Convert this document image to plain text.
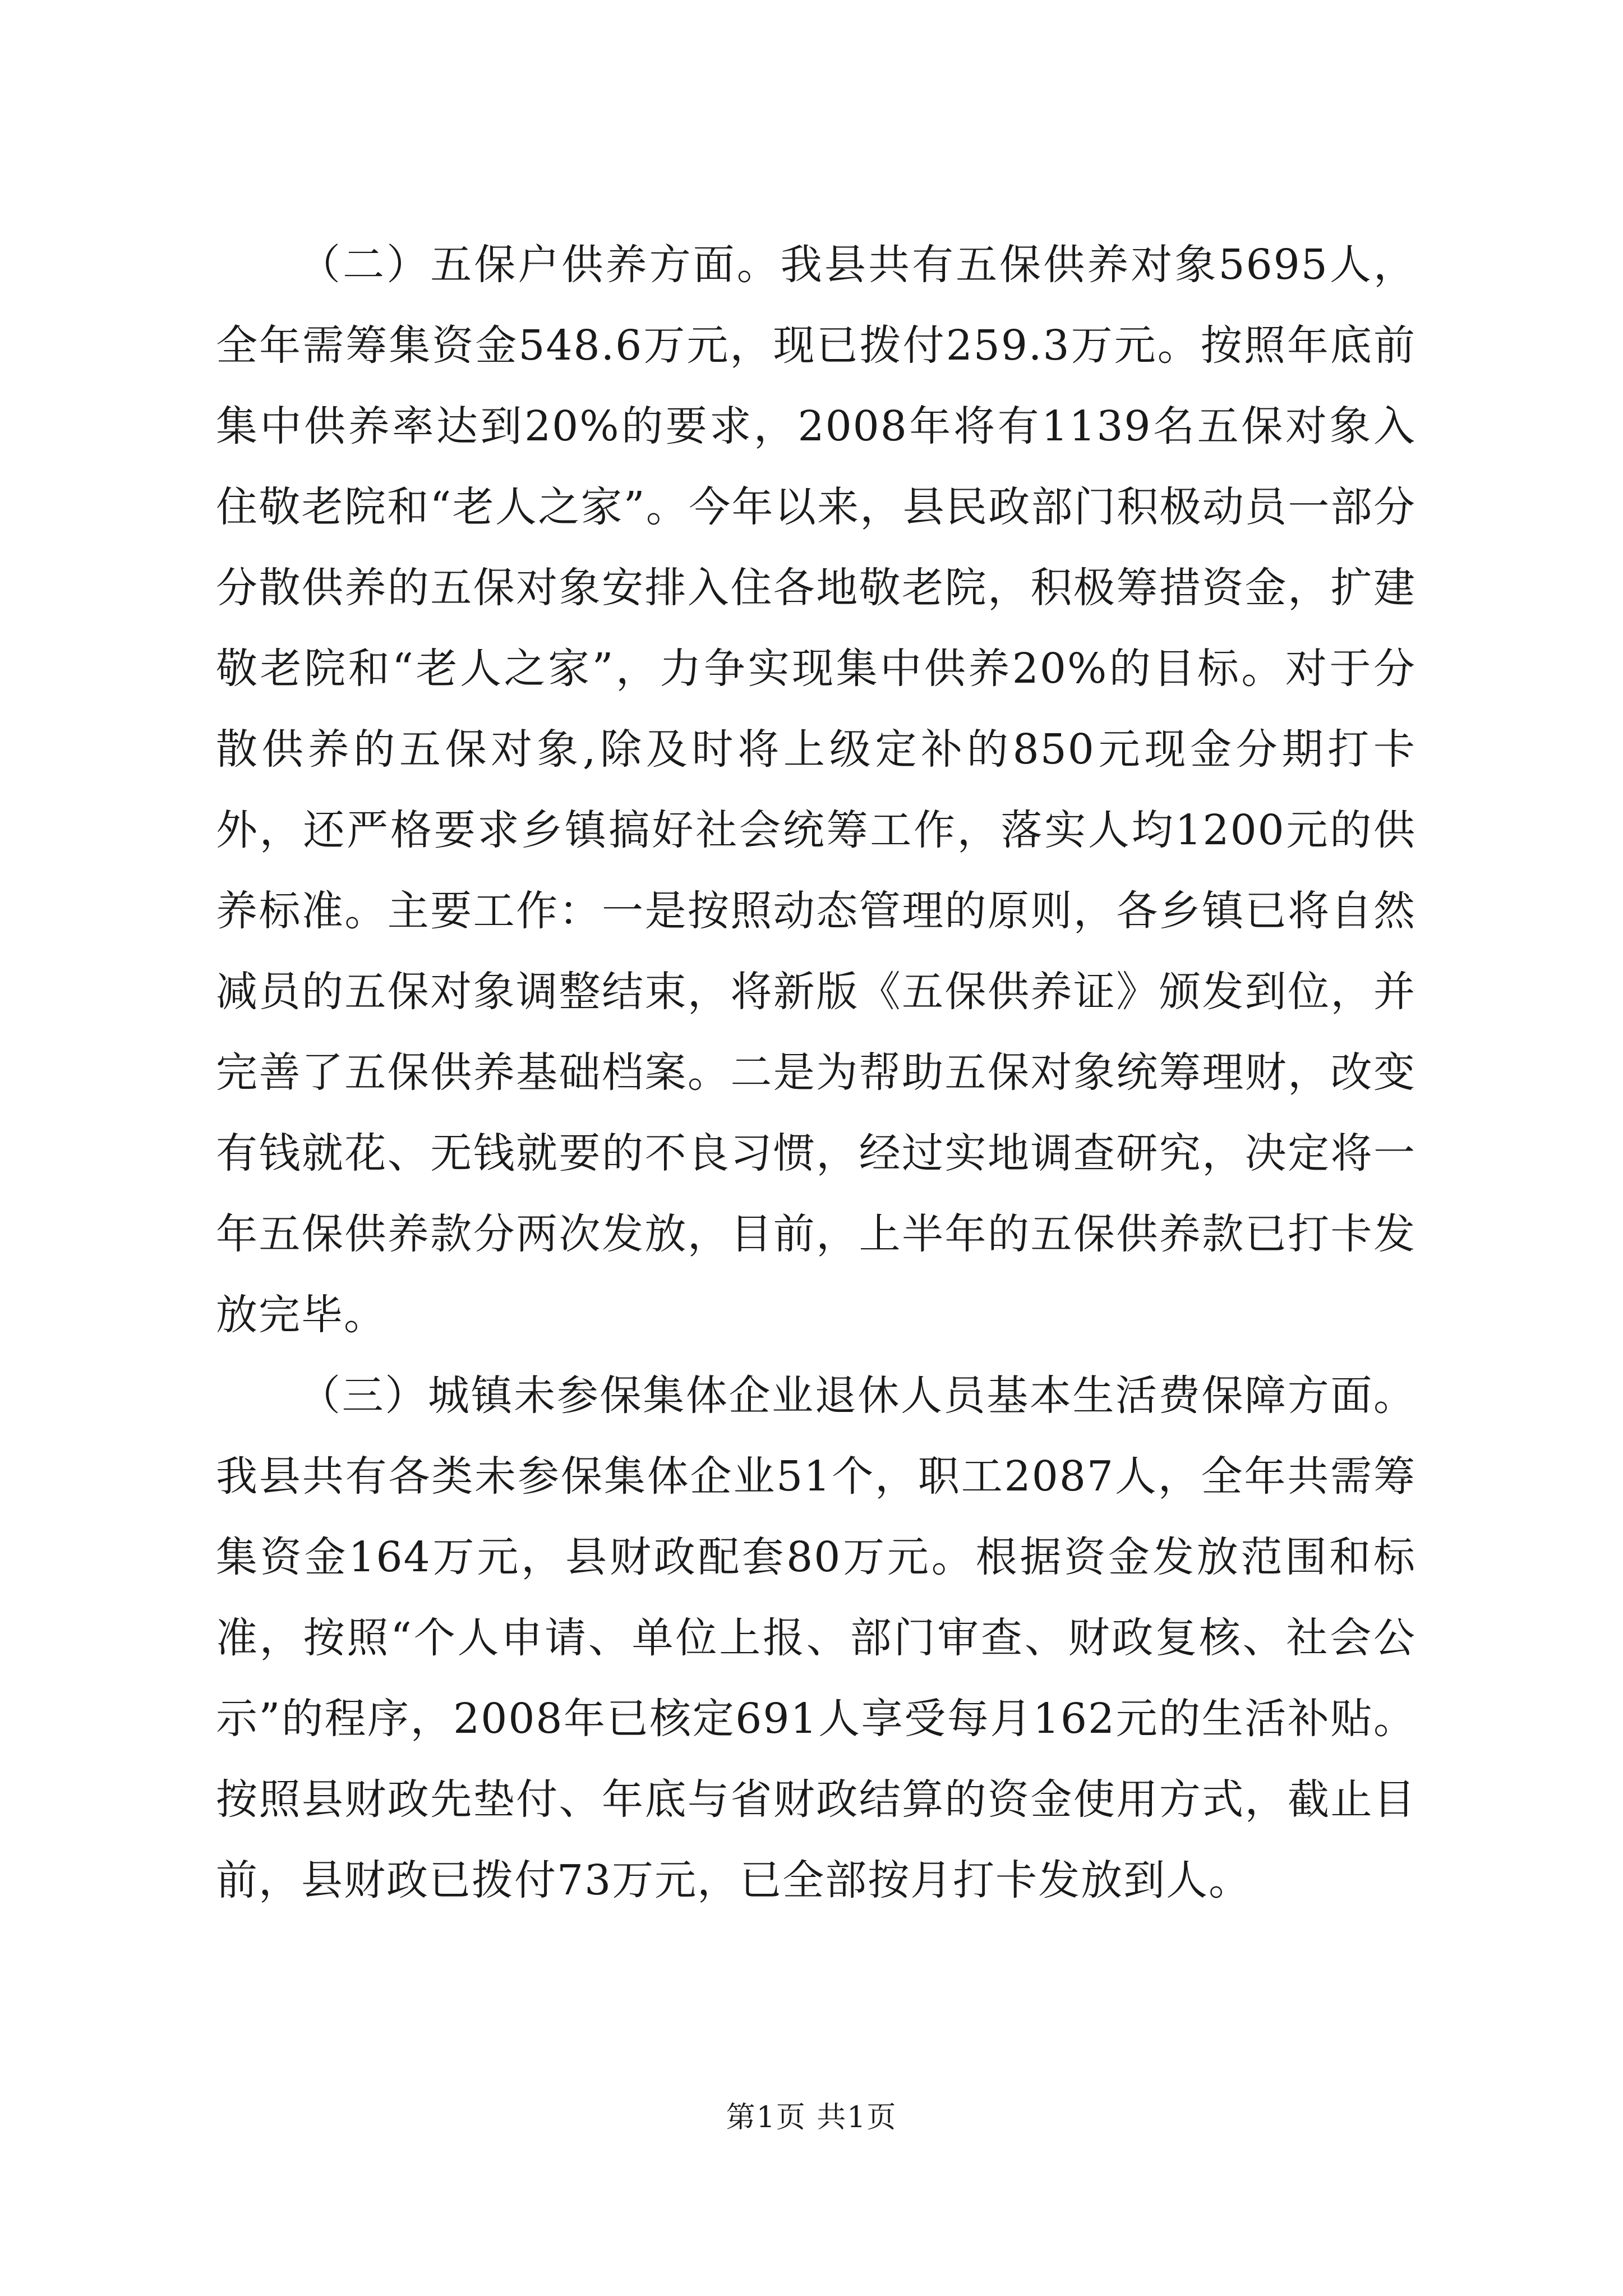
（二）五保户供养方面。我县共有五保供养对象5695人，全年需筹集资金548.6万元，现已拨付259.3万元。按照年底前集中供养率达到20%的要求，2008年将有1139名五保对象入住敬老院和“老人之家”。今年以来，县民政部门积极动员一部分分散供养的五保对象安排入住各地敬老院，积极筹措资金，扩建敬老院和“老人之家”，力争实现集中供养20%的目标。对于分散供养的五保对象,除及时将上级定补的850元现金分期打卡外，还严格要求乡镇搞好社会统筹工作，落实人均1200元的供养标准。主要工作：一是按照动态管理的原则，各乡镇已将自然减员的五保对象调整结束，将新版《五保供养证》颁发到位，并完善了五保供养基础档案。二是为帮助五保对象统筹理财，改变有钱就花、无钱就要的不良习惯，经过实地调查研究，决定将一年五保供养款分两次发放，目前，上半年的五保供养款已打卡发放完毕。

（三）城镇未参保集体企业退休人员基本生活费保障方面。我县共有各类未参保集体企业51个，职工2087人，全年共需筹集资金164万元，县财政配套80万元。根据资金发放范围和标准，按照“个人申请、单位上报、部门审查、财政复核、社会公示”的程序，2008年已核定691人享受每月162元的生活补贴。按照县财政先垫付、年底与省财政结算的资金使用方式，截止目前，县财政已拨付73万元，已全部按月打卡发放到人。

第1页 共1页
